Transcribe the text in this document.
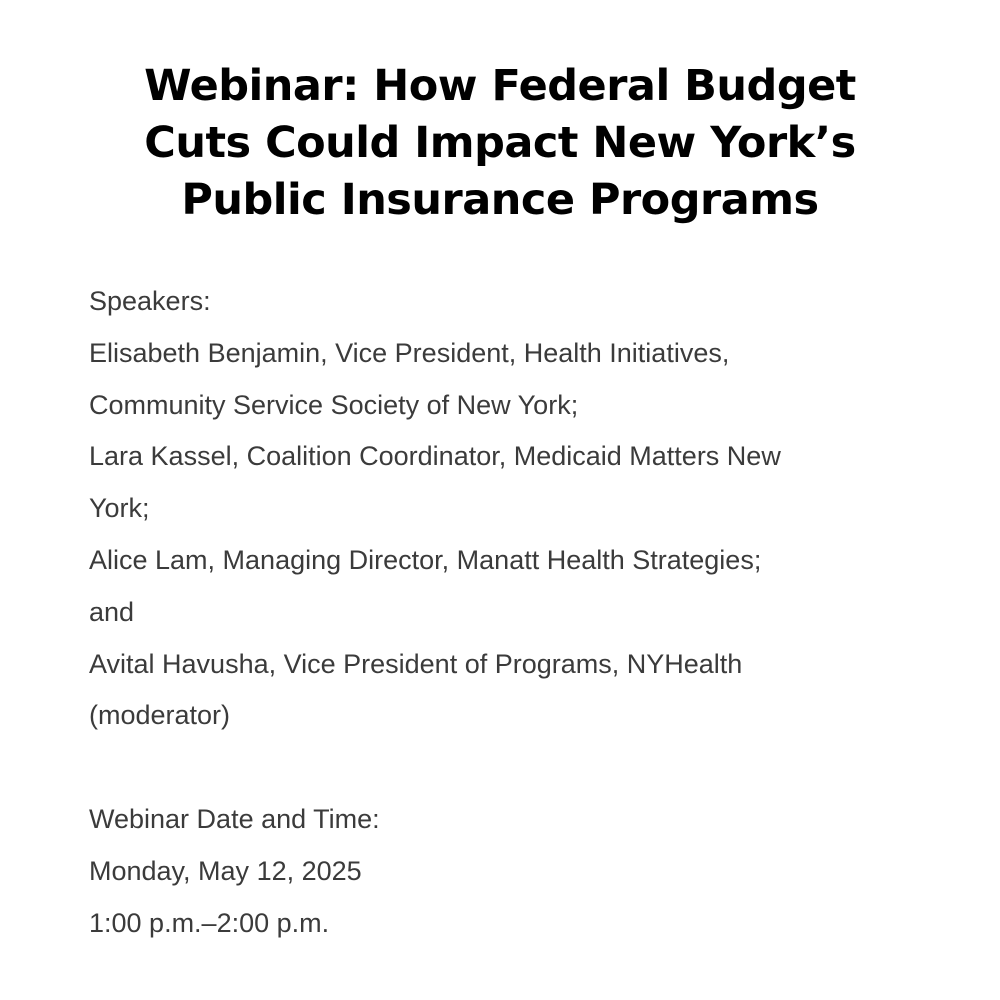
Webinar: How Federal Budget
Cuts Could Impact New York’s
Public Insurance Programs
Speakers:
Elisabeth Benjamin, Vice President, Health Initiatives,
Community Service Society of New York;
Lara Kassel, Coalition Coordinator, Medicaid Matters New
York;
Alice Lam, Managing Director, Manatt Health Strategies;
and
Avital Havusha, Vice President of Programs, NYHealth
(moderator)
Webinar Date and Time:
Monday, May 12, 2025
1:00 p.m.–2:00 p.m.
